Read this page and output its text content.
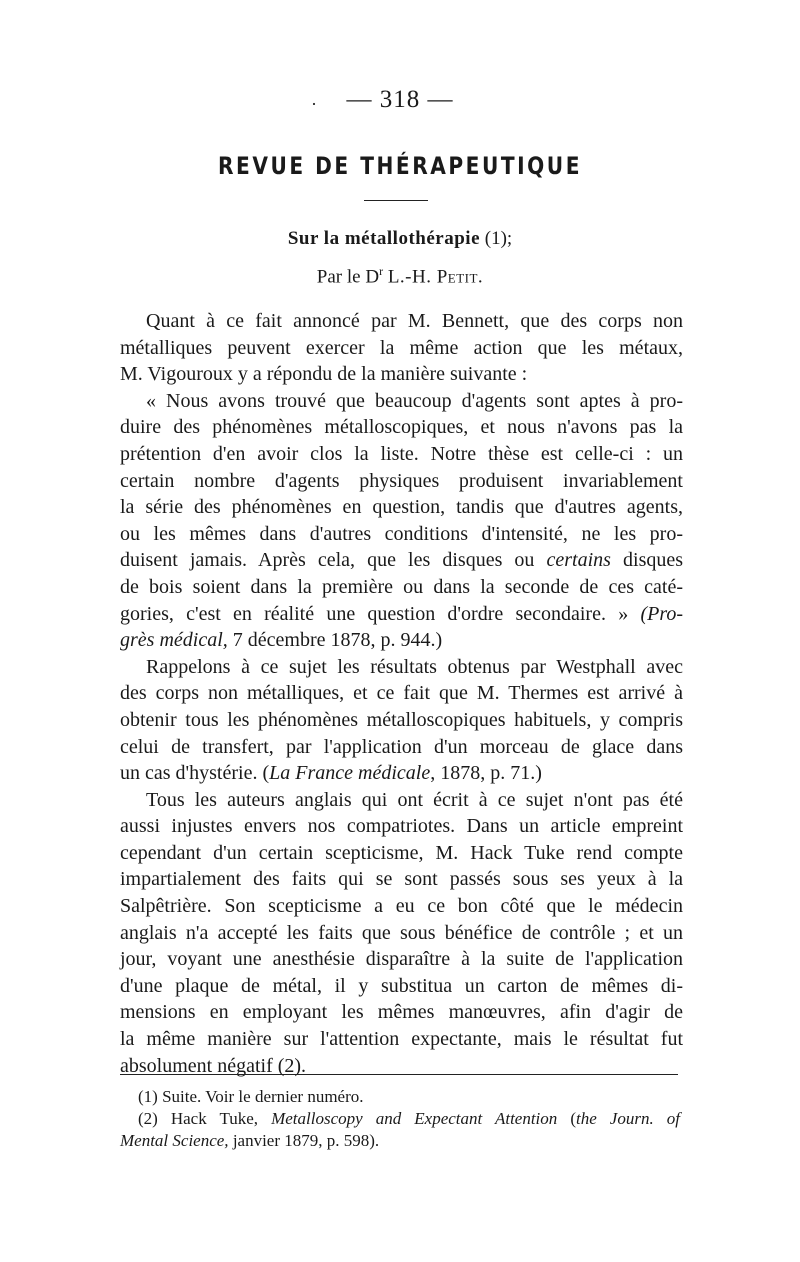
·	— 318 —
REVUE DE THÉRAPEUTIQUE
Sur la métallothérapie (1);
Par le $D^r$ L.-H. Petit.
Quant à ce fait annoncé par M. Bennett, que des corps non
métalliques peuvent exercer la même action que les métaux,
M. Vigouroux y a répondu de la manière suivante :
« Nous avons trouvé que beaucoup d'agents sont aptes à pro-
duire des phénomènes métalloscopiques, et nous n'avons pas la
prétention d'en avoir clos la liste. Notre thèse est celle-ci : un
certain nombre d'agents physiques produisent invariablement
la série des phénomènes en question, tandis que d'autres agents,
ou les mêmes dans d'autres conditions d'intensité, ne les pro-
duisent jamais. Après cela, que les disques ou certains disques
de bois soient dans la première ou dans la seconde de ces caté-
gories, c'est en réalité une question d'ordre secondaire. » (Pro-
grès médical, 7 décembre 1878, p. 944.)
Rappelons à ce sujet les résultats obtenus par Westphall avec
des corps non métalliques, et ce fait que M. Thermes est arrivé à
obtenir tous les phénomènes métalloscopiques habituels, y compris
celui de transfert, par l'application d'un morceau de glace dans
un cas d'hystérie. (La France médicale, 1878, p. 71.)
Tous les auteurs anglais qui ont écrit à ce sujet n'ont pas été
aussi injustes envers nos compatriotes. Dans un article empreint
cependant d'un certain scepticisme, M. Hack Tuke rend compte
impartialement des faits qui se sont passés sous ses yeux à la
Salpêtrière. Son scepticisme a eu ce bon côté que le médecin
anglais n'a accepté les faits que sous bénéfice de contrôle ; et un
jour, voyant une anesthésie disparaître à la suite de l'application
d'une plaque de métal, il y substitua un carton de mêmes di-
mensions en employant les mêmes manœuvres, afin d'agir de
la même manière sur l'attention expectante, mais le résultat fut
absolument négatif (2).
(1) Suite. Voir le dernier numéro.
(2) Hack Tuke, Metalloscopy and Expectant Attention (the Journ. of
Mental Science, janvier 1879, p. 598).
